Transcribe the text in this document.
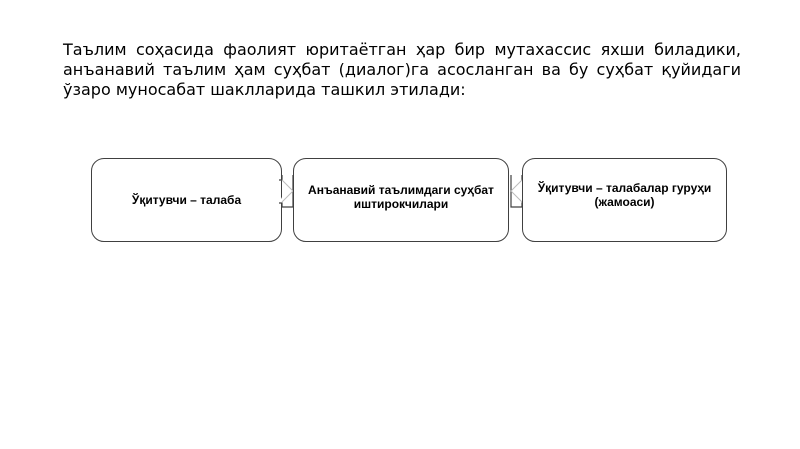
Таълим соҳасида фаолият юритаётган ҳар бир мутахассис яхши биладики, анъанавий таълим ҳам суҳбат (диалог)га асосланган ва бу суҳбат қуйидаги ўзаро муносабат шаклларида ташкил этилади:

Ўқитувчи – талаба
Анъанавий таълимдаги суҳбат иштирокчилари
Ўқитувчи – талабалар гуруҳи (жамоаси)
